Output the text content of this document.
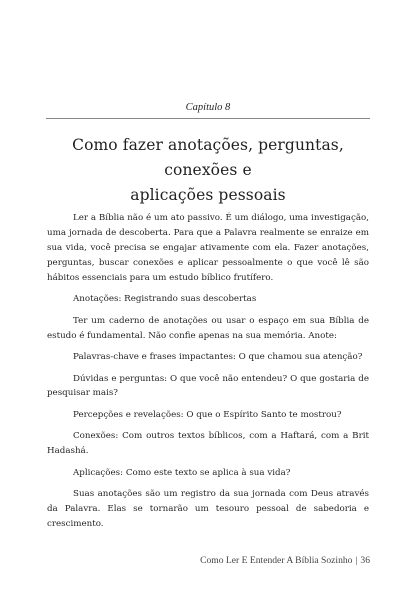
Capítulo 8
Como fazer anotações, perguntas, conexões e
aplicações pessoais

Ler a Bíblia não é um ato passivo. É um diálogo, uma investigação, uma jornada de descoberta. Para que a Palavra realmente se enraize em sua vida, você precisa se engajar ativamente com ela. Fazer anotações, perguntas, buscar conexões e aplicar pessoalmente o que você lê são hábitos essenciais para um estudo bíblico frutífero.

Anotações: Registrando suas descobertas

Ter um caderno de anotações ou usar o espaço em sua Bíblia de estudo é fundamental. Não confie apenas na sua memória. Anote:

Palavras-chave e frases impactantes: O que chamou sua atenção?

Dúvidas e perguntas: O que você não entendeu? O que gostaria de pesquisar mais?

Percepções e revelações: O que o Espírito Santo te mostrou?

Conexões: Com outros textos bíblicos, com a Haftará, com a Brit Hadashá.

Aplicações: Como este texto se aplica à sua vida?

Suas anotações são um registro da sua jornada com Deus através da Palavra. Elas se tornarão um tesouro pessoal de sabedoria e crescimento.

Como Ler E Entender A Bíblia Sozinho | 36
